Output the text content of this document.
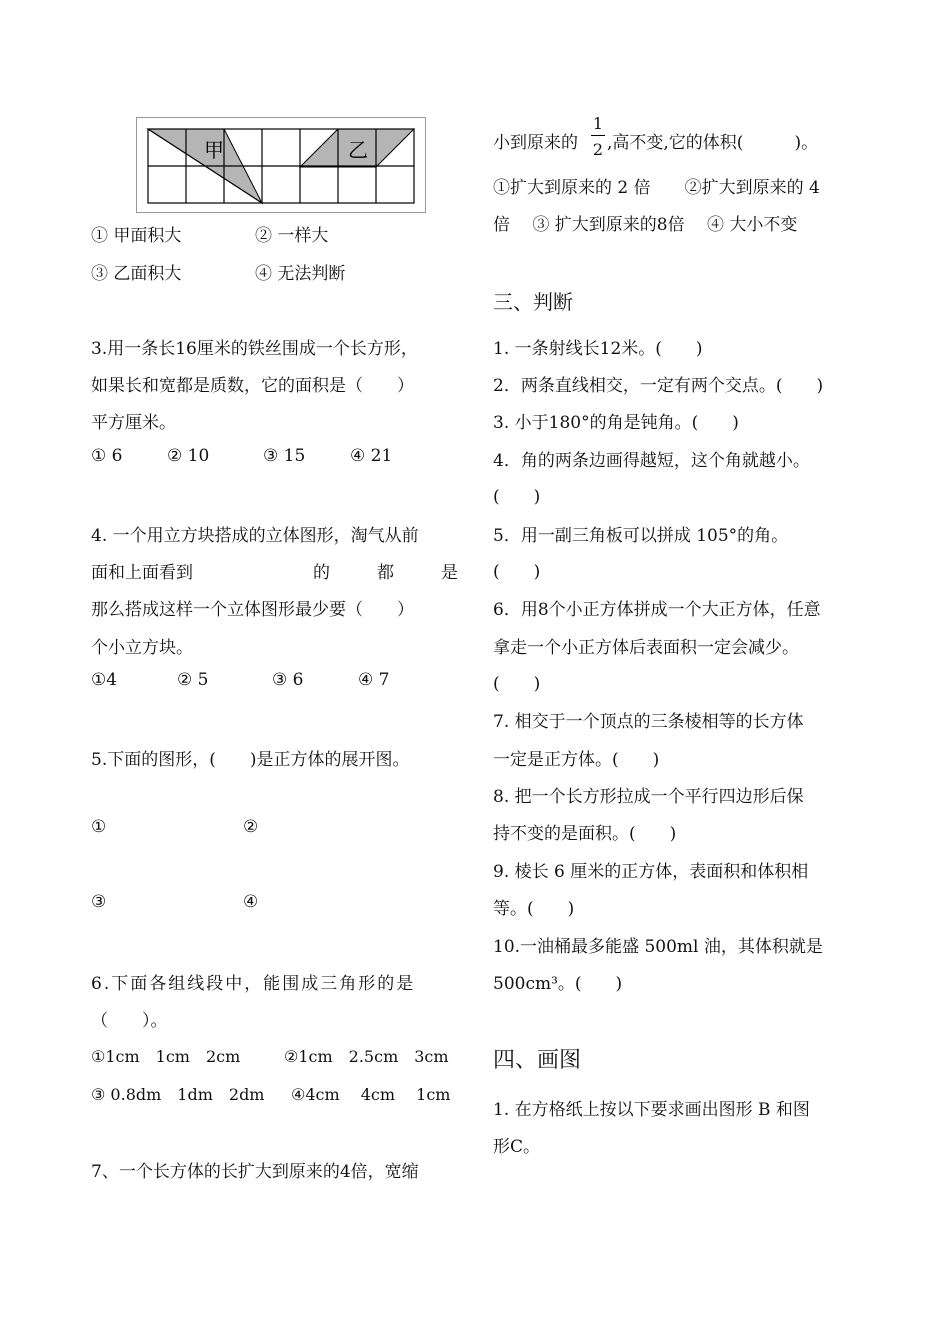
甲	乙
① 甲面积大	② 一样大
③ 乙面积大	④ 无法判断
3.用一条长16厘米的铁丝围成一个长方形，
如果长和宽都是质数，它的面积是（　　）
平方厘米。
① 6	② 10	③ 15	④ 21
4. 一个用立方块搭成的立体图形，淘气从前
面和上面看到	的	都	是
那么搭成这样一个立体图形最少要（　　）
个小立方块。
①4	② 5	③ 6	④ 7
5.下面的图形，(　　)是正方体的展开图。
①	②
③	④
6.下面各组线段中，能围成三角形的是
（　　）。
①1cm　1cm　2cm	②1cm　2.5cm　3cm
③ 0.8dm　1dm　2dm ④4cm　 4cm　 1cm
7、一个长方体的长扩大到原来的4倍，宽缩
小到原来的
1
2 ,高不变,它的体积(　　　)。
①扩大到原来的 2 倍　　②扩大到原来的 4
倍　 ③ 扩大到原来的8倍　 ④ 大小不变
三、判断
1. 一条射线长12米。(　　)
2．两条直线相交，一定有两个交点。(　　)
3. 小于180°的角是钝角。(　　)
4．角的两条边画得越短，这个角就越小。
(　　)
5．用一副三角板可以拼成 105°的角。
(　　)
6．用8个小正方体拼成一个大正方体，任意
拿走一个小正方体后表面积一定会减少。
(　　)
7. 相交于一个顶点的三条棱相等的长方体
一定是正方体。(　　)
8. 把一个长方形拉成一个平行四边形后保
持不变的是面积。(　　)
9. 棱长 6 厘米的正方体，表面积和体积相
等。(　　)
10.一油桶最多能盛 500ml 油，其体积就是
500cm³。(　　)
四、画图
1. 在方格纸上按以下要求画出图形 B 和图
形C。
